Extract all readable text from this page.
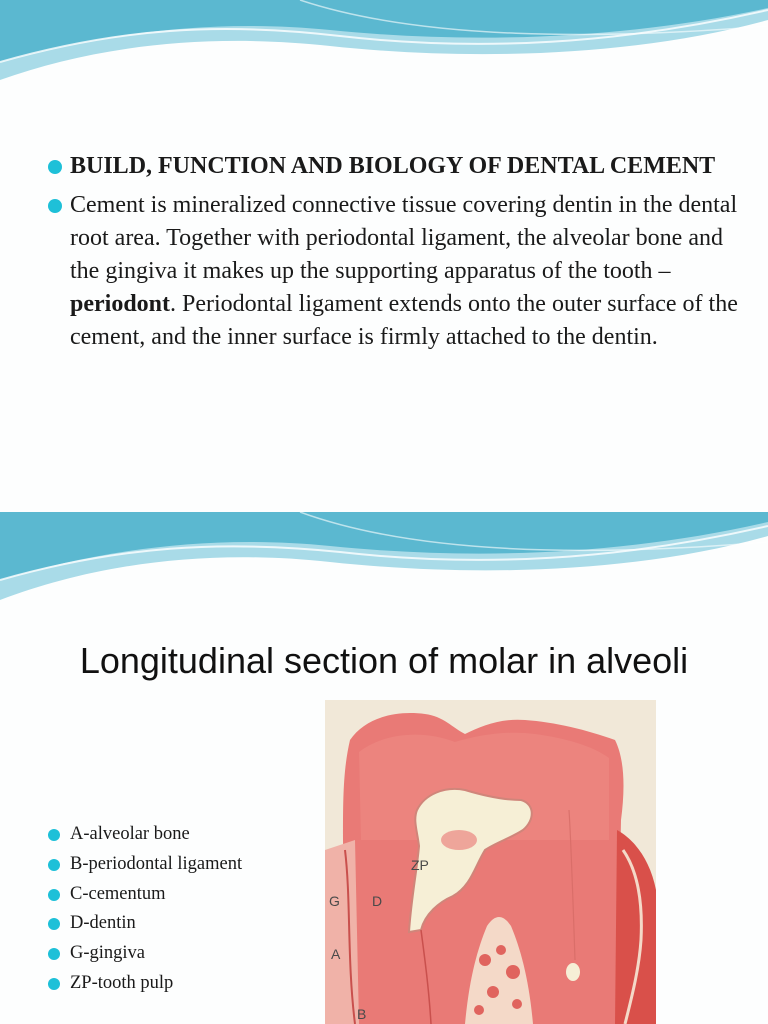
BUILD, FUNCTION AND BIOLOGY OF DENTAL CEMENT
Cement is mineralized connective tissue covering dentin in the dental root area. Together with periodontal ligament, the alveolar bone and the gingiva it makes up the supporting apparatus of the tooth – periodont. Periodontal ligament extends onto the outer surface of the cement, and the inner surface is firmly attached to the dentin.
Longitudinal section of molar in alveoli
A-alveolar bone
B-periodontal ligament
C-cementum
D-dentin
G-gingiva
ZP-tooth pulp
ZP
G D
A
B
